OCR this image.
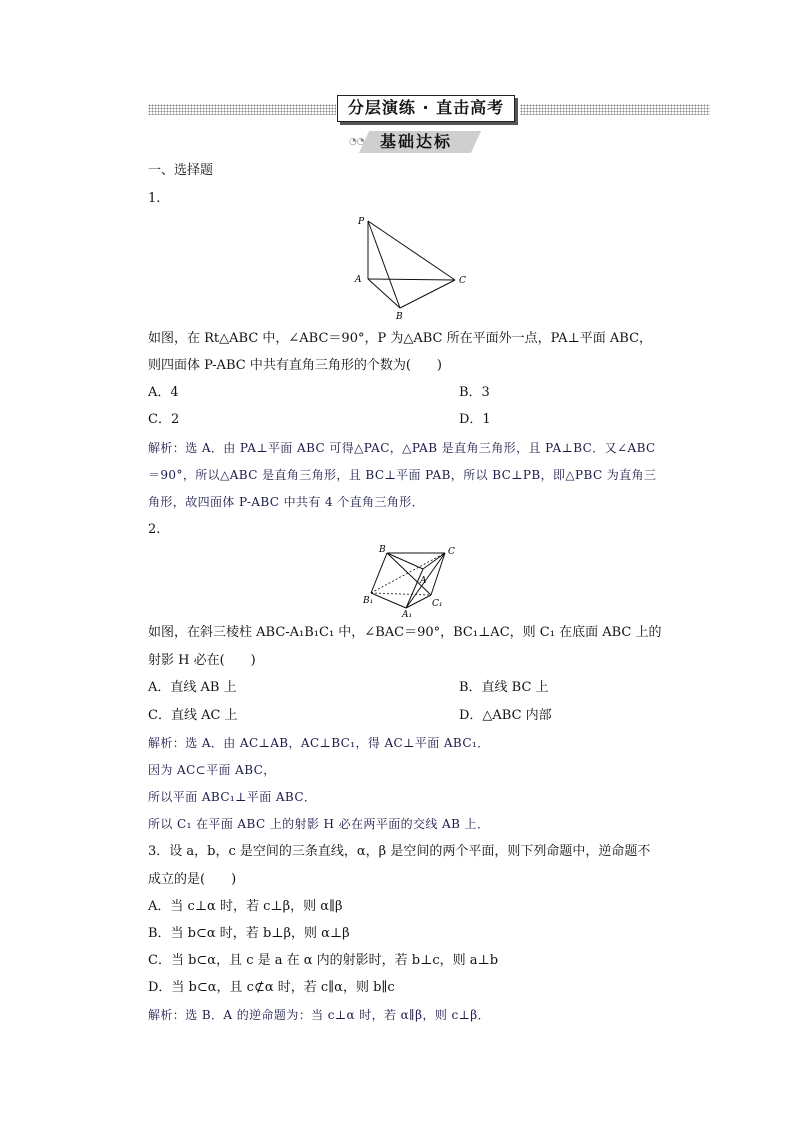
分层演练 · 直击高考
◔◔ 基础达标
一、选择题
1.
P
A	C
B
如图，在 Rt△ABC 中，∠ABC＝90°，P 为△ABC 所在平面外一点，PA⊥平面 ABC，
则四面体 P-ABC 中共有直角三角形的个数为(　　)
A．4	B．3
C．2	D．1
解析：选 A．由 PA⊥平面 ABC 可得△PAC，△PAB 是直角三角形，且 PA⊥BC．又∠ABC
＝90°，所以△ABC 是直角三角形，且 BC⊥平面 PAB，所以 BC⊥PB，即△PBC 为直角三
角形，故四面体 P-ABC 中共有 4 个直角三角形．
2.
B	C
A
B₁	C₁
A₁
如图，在斜三棱柱 ABC-A₁B₁C₁ 中，∠BAC＝90°，BC₁⊥AC，则 C₁ 在底面 ABC 上的
射影 H 必在(　　)
A．直线 AB 上	B．直线 BC 上
C．直线 AC 上	D．△ABC 内部
解析：选 A．由 AC⊥AB，AC⊥BC₁，得 AC⊥平面 ABC₁．
因为 AC⊂平面 ABC，
所以平面 ABC₁⊥平面 ABC．
所以 C₁ 在平面 ABC 上的射影 H 必在两平面的交线 AB 上．
3．设 a，b，c 是空间的三条直线，α，β 是空间的两个平面，则下列命题中，逆命题不
成立的是(　　)
A．当 c⊥α 时，若 c⊥β，则 α∥β
B．当 b⊂α 时，若 b⊥β，则 α⊥β
C．当 b⊂α，且 c 是 a 在 α 内的射影时，若 b⊥c，则 a⊥b
D．当 b⊂α，且 c⊄α 时，若 c∥α，则 b∥c
解析：选 B．A 的逆命题为：当 c⊥α 时，若 α∥β，则 c⊥β．
